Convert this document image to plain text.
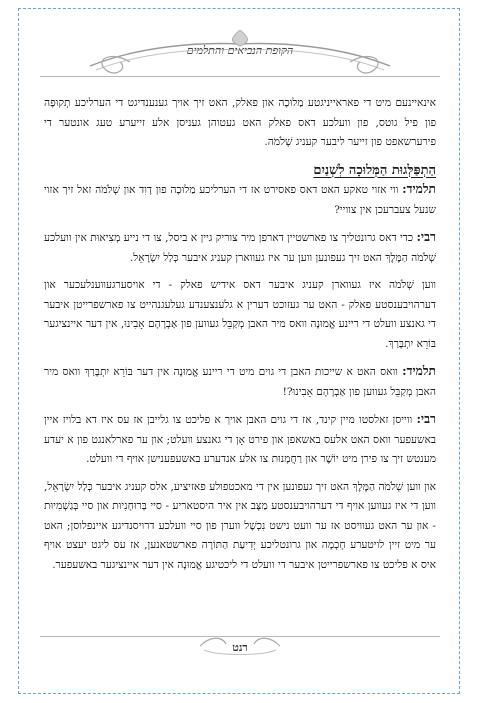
הקופת הנביאים והתלמים

אינאיינעם מיט די פאראייניגטע מַלוּכָה און פאלק, האט זיך אויך גענענדיגט די הערליכע תְקוּפָה פון פיל גוטס, פון וועלכע דאס פאלק האט געטוהן געניסן אלע זייערע טעג אונטער די פירערשאפט פון זייער ליבער קעניג שְׁלֹמֹה.

הַתְפַּלְּגוּת הַמְּלוּכָה לִשְׁנַיִם

תלמיד: ווי אזוי טאקע האט דאס פאסירט אז די הערליכע מַלוּכָה פון דָוִד און שְׁלֹמֹה זאל זיך אזוי שנעל צעברעכן אין צוויי?

רבי: כדי דאס גרונטליך צו פארשטיין דארפן מיר צוריק גיין א ביסל, צו די נייע מְצִיאוּת אין וועלכע שְׁלֹמֹה הַמֶּלֶךְ האט זיך געפונען ווען ער איז געווארן קעניג איבער כְּלַל יִשְׂרָאֵל.

ווען שְׁלֹמֹה איז געווארן קעניג איבער דאס אידיש פאלק - די אויסערגעווענלעכער און דערהויבענסטע פאלק - האט ער געזוכט דערין א גלענצענדע געלעגנהייט צו פארשפרייטן איבער די גאנצע וועלט די ריינע אֱמוּנָה וואס מיר האבן מְקַבֵּל געווען פון אַבְרָהָם אָבִינוּ, אין דער איינציגער בּוֹרֵא יִתְבָּרַךְ.

תלמיד: וואס האט א שייכות האבן די גוים מיט די ריינע אֱמוּנָה אין דער בּוֹרֵא יִתְבָּרַךְ וואס מיר האבן מְקַבֵּל געווען פון אַבְרָהָם אָבִינוּ?!

רבי: ווייסן זאלסטו מיין קינד, אז די גוים האבן אויך א פליכט צו גלייבן אז עס איז דא בלויז איין באשעפער וואס האט אלעס באשאפן און פירט אָן די גאנצע וועלט; און ער פארלאנגט פון א יעדע מענטש זיך צו פירן מיט יוֹשֶׁר און רַחֲמָנוּת צו אלע אנדערע באשעפענישן אויף די וועלט.

און ווען שְׁלֹמֹה הַמֶּלֶךְ האט זיך געפונען אין די מאכטפולע פאזיציע, אלס קעניג איבער כְּלַל יִשְׂרָאֵל, ווען די איז געווען אויף די דערהויבענסטע מַצָּב אין איר היסטאריע - סיי בְּרוּחָנִיוּת און סיי בְּגַשְׁמִיוּת - און ער האט געוויסט אז ער וועט נישט נִכְשָׁל ווערן פון סיי וועלכע דרויסנדיגע איינפלוסן; האט ער מיט זיין לויטערע חָכְמָה און גרונטליכע יְדִיעַת הַתּוֹרָה פארשטאנען, אז עס ליגט יעצט אויף איס א פליכט צו פארשפרייטן איבער די וועלט די ליכטיגע אֱמוּנָה אין דער איינציגער באשעפער.

רנט
